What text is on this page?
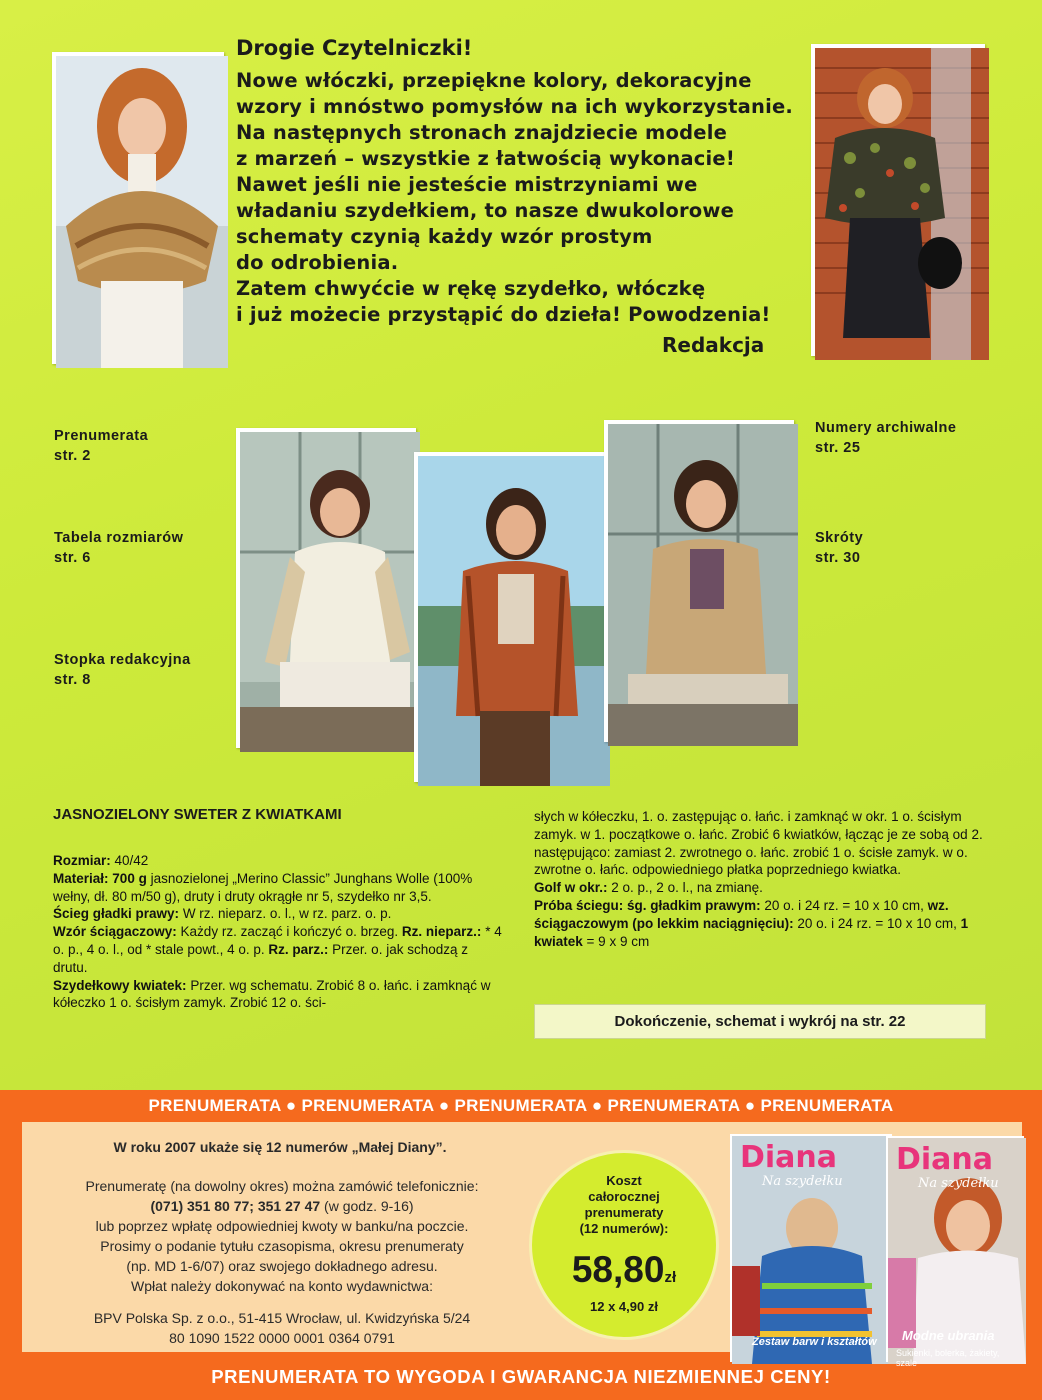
Drogie Czytelniczki!

Nowe włóczki, przepiękne kolory, dekoracyjne

wzory i mnóstwo pomysłów na ich wykorzystanie.

Na następnych stronach znajdziecie modele

z marzeń – wszystkie z łatwością wykonacie!

Nawet jeśli nie jesteście mistrzyniami we

władaniu szydełkiem, to nasze dwukolorowe

schematy czynią każdy wzór prostym

do odrobienia.

Zatem chwyćcie w rękę szydełko, włóczkę

i już możecie przystąpić do dzieła! Powodzenia!

Redakcja
Prenumerata
str. 2
Tabela rozmiarów
str. 6
Stopka redakcyjna
str. 8
Numery archiwalne
str. 25
Skróty
str. 30
JASNOZIELONY SWETER Z KWIATKAMI
Rozmiar: 40/42
Materiał: 700 g jasnozielonej „Merino Classic” Junghans Wolle (100% wełny, dł. 80 m/50 g), druty i druty okrągłe nr 5, szydełko nr 3,5.
Ścieg gładki prawy: W rz. nieparz. o. l., w rz. parz. o. p.
Wzór ściągaczowy: Każdy rz. zacząć i kończyć o. brzeg. Rz. nieparz.: * 4 o. p., 4 o. l., od * stale powt., 4 o. p. Rz. parz.: Przer. o. jak schodzą z drutu.
Szydełkowy kwiatek: Przer. wg schematu. Zrobić 8 o. łańc. i zamknąć w kółeczko 1 o. ścisłym zamyk. Zrobić 12 o. ści-
słych w kółeczku, 1. o. zastępując o. łańc. i zamknąć w okr. 1 o. ścisłym zamyk. w 1. początkowe o. łańc. Zrobić 6 kwiatków, łącząc je ze sobą od 2. następująco: zamiast 2. zwrotnego o. łańc. zrobić 1 o. ścisłe zamyk. w o. zwrotne o. łańc. odpowiedniego płatka poprzedniego kwiatka.
Golf w okr.: 2 o. p., 2 o. l., na zmianę.
Próba ściegu: śg. gładkim prawym: 20 o. i 24 rz. = 10 x 10 cm, wz. ściągaczowym (po lekkim naciągnięciu): 20 o. i 24 rz. = 10 x 10 cm, 1 kwiatek = 9 x 9 cm
Dokończenie, schemat i wykrój na str. 22
PRENUMERATA ● PRENUMERATA ● PRENUMERATA ● PRENUMERATA ● PRENUMERATA
W roku 2007 ukaże się 12 numerów „Małej Diany”.
Prenumeratę (na dowolny okres) można zamówić telefonicznie:
(071) 351 80 77; 351 27 47 (w godz. 9-16)
lub poprzez wpłatę odpowiedniej kwoty w banku/na poczcie.
Prosimy o podanie tytułu czasopisma, okresu prenumeraty
(np. MD 1-6/07) oraz swojego dokładnego adresu.
Wpłat należy dokonywać na konto wydawnictwa:
BPV Polska Sp. z o.o., 51-415 Wrocław, ul. Kwidzyńska 5/24
80 1090 1522 0000 0001 0364 0791
Koszt
całorocznej
prenumeraty
(12 numerów):
58,80zł
12 x 4,90 zł
Diana
Na szydełku
Zestaw barw i kształtów
Diana
Na szydełku
Modne ubrania
Sukienki, bolerka, żakiety, szale
PRENUMERATA TO WYGODA I GWARANCJA NIEZMIENNEJ CENY!
